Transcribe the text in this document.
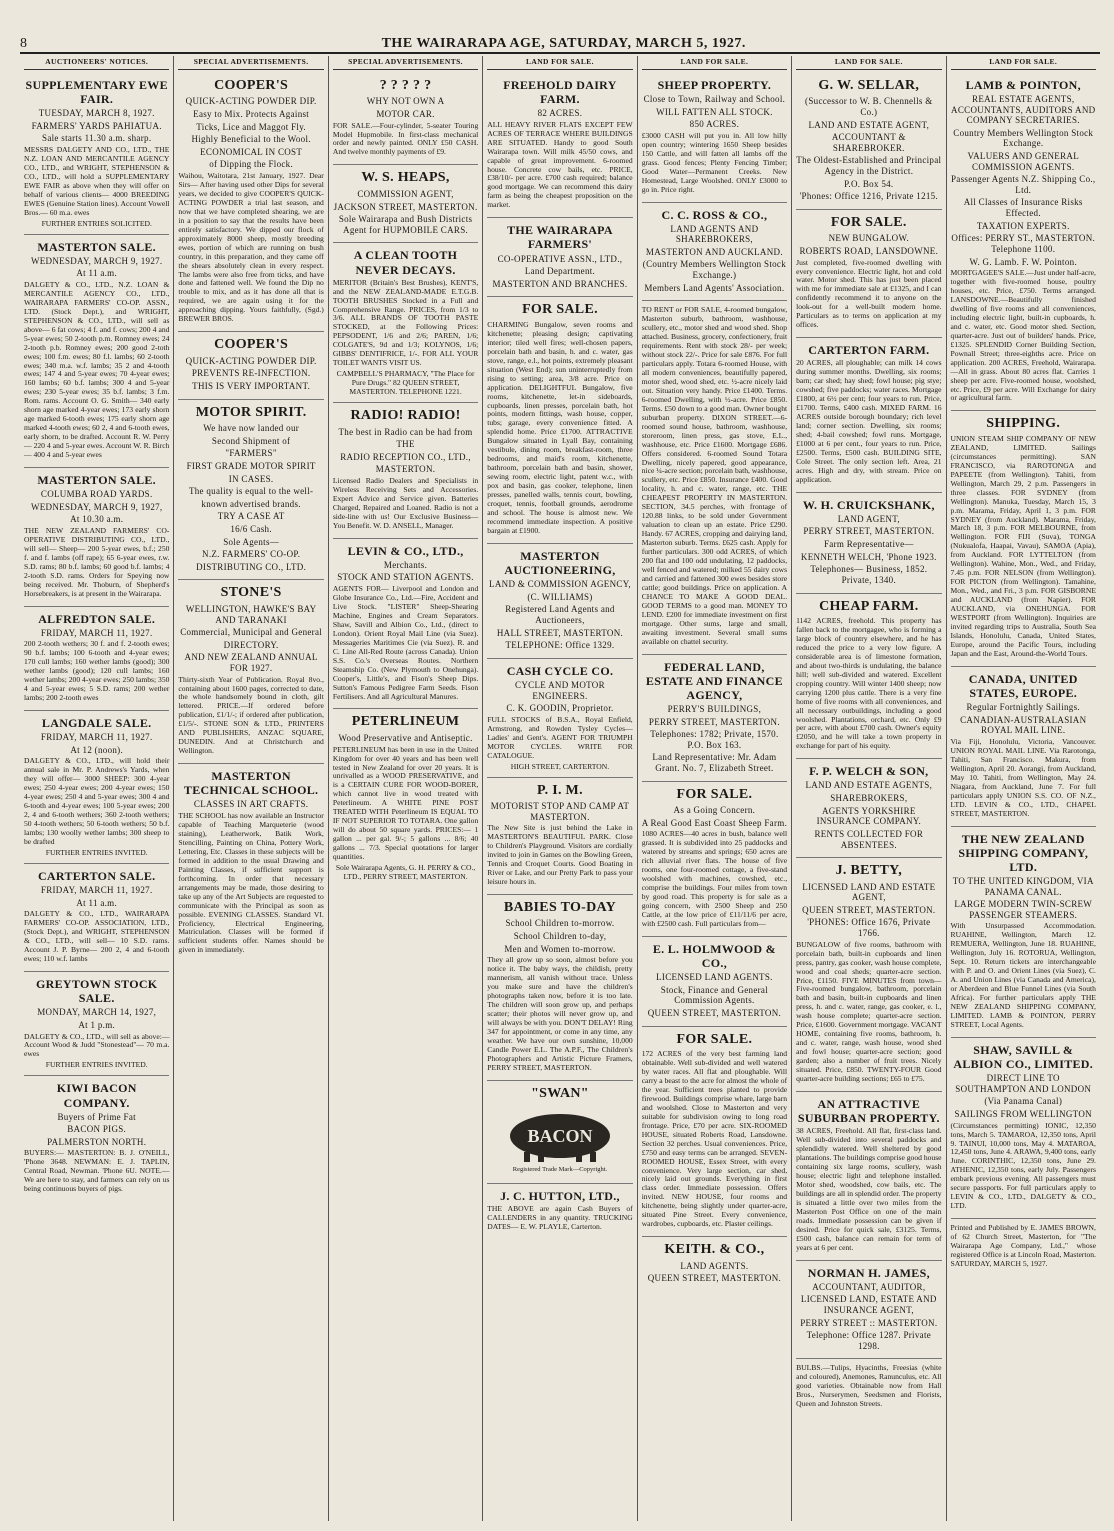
8	THE WAIRARAPA AGE, SATURDAY, MARCH 5, 1927.
AUCTIONEERS' NOTICES.
SUPPLEMENTARY EWE FAIR.
TUESDAY, MARCH 8, 1927.
FARMERS' YARDS PAHIATUA.
Sale starts 11.30 a.m. sharp.
MESSRS DALGETY AND CO., LTD., THE N.Z. LOAN AND MERCANTILE AGENCY CO., LTD., and WRIGHT, STEPHENSON & CO., LTD., will hold a SUPPLEMENTARY EWE FAIR as above when they will offer on behalf of various clients— 4000 BREEDING EWES (Genuine Station lines). Account Vowell Bros.— 60 m.a. ewes
FURTHER ENTRIES SOLICITED.
MASTERTON SALE.
WEDNESDAY, MARCH 9, 1927.
At 11 a.m.
DALGETY & CO., LTD., N.Z. LOAN & MERCANTILE AGENCY CO., LTD., WAIRARAPA FARMERS' CO-OP. ASSN., LTD. (Stock Dept.), and WRIGHT, STEPHENSON & CO., LTD., will sell as above— 6 fat cows; 4 f. and f. cows; 200 4 and 5-year ewes; 50 2-tooth p.m. Romney ewes; 24 2-tooth p.b. Romney ewes; 200 good 2-toth ewes; 100 f.m. ewes; 80 f.l. lambs; 60 2-tooth ewes; 340 m.a. w.f. lambs; 35 2 and 4-tooth ewes; 147 4 and 5-year ewes; 70 4-year ewes; 160 lambs; 60 b.f. lambs; 300 4 and 5-year ewes; 230 5-year ewes; 35 b.f. lambs; 3 f.m. Rom. rams. Account O. G. Smith— 340 early shorn age marked 4-year ewes; 173 early shorn age marked 6-tooth ewes; 175 early shorn age marked 4-tooth ewes; 60 2, 4 and 6-tooth ewes, early shorn, to be drafted. Account R. W. Perry— 220 4 and 5-year ewes. Account W. R. Birch— 400 4 and 5-year ewes
MASTERTON SALE.
COLUMBA ROAD YARDS.
WEDNESDAY, MARCH 9, 1927,
At 10.30 a.m.
THE NEW ZEALAND FARMERS' CO-OPERATIVE DISTRIBUTING CO., LTD., will sell— Sheep— 200 5-year ewes, b.f.; 250 f. and f. lambs (off rape); 65 6-year ewes, r.w. S.D. rams; 80 b.f. lambs; 60 good b.f. lambs; 4 2-tooth S.D. rams. Orders for Speying now being received. Mr. Thoburn, of Shepherd's Horsebreakers, is at present in the Wairarapa.
ALFREDTON SALE.
FRIDAY, MARCH 11, 1927.
200 2-tooth wethers; 30 f. and f. 2-tooth ewes; 90 b.f. lambs; 100 6-tooth and 4-year ewes; 170 cull lambs; 160 wether lambs (good); 300 wether lambs (good); 120 cull lambs; 160 wether lambs; 200 4-year ewes; 250 lambs; 350 4 and 5-year ewes; 5 S.D. rams; 200 wether lambs; 200 2-tooth ewes
LANGDALE SALE.
FRIDAY, MARCH 11, 1927.
At 12 (noon).
DALGETY & CO., LTD., will hold their annual sale in Mr. P. Andrews's Yards, when they will offer— 3000 SHEEP: 300 4-year ewes; 250 4-year ewes; 200 4-year ewes; 150 4-year ewes; 250 4 and 5-year ewes; 300 4 and 6-tooth and 4-year ewes; 100 5-year ewes; 200 2, 4 and 6-tooth wethers; 360 2-tooth wethers; 50 4-tooth wethers; 50 6-tooth wethers; 50 b.f. lambs; 130 woolly wether lambs; 300 sheep to be drafted
FURTHER ENTRIES INVITED.
CARTERTON SALE.
FRIDAY, MARCH 11, 1927.
At 11 a.m.
DALGETY & CO., LTD., WAIRARAPA FARMERS' CO-OP. ASSOCIATION, LTD., (Stock Dept.), and WRIGHT, STEPHENSON & CO., LTD., will sell— 10 S.D. rams. Account J. P. Byrne— 200 2, 4 and 6-tooth ewes; 110 w.f. lambs
GREYTOWN STOCK SALE.
MONDAY, MARCH 14, 1927,
At 1 p.m.
DALGETY & CO., LTD., will sell as above:— Account Wood & Judd "Stonestead"— 70 m.a. ewes
FURTHER ENTRIES INVITED.
KIWI BACON COMPANY.
Buyers of Prime Fat
BACON PIGS.
PALMERSTON NORTH.
BUYERS:— MASTERTON: B. J. O'NEILL, 'Phone 3648. NEWMAN: E. J. TAPLIN, Central Road, Newman. 'Phone 6U. NOTE.—We are here to stay, and farmers can rely on us being continuous buyers of pigs.
SPECIAL ADVERTISEMENTS.
COOPER'S
QUICK-ACTING POWDER DIP.
Easy to Mix. Protects Against
Ticks, Lice and Maggot Fly.
Highly Beneficial to the Wool.
ECONOMICAL IN COST
of Dipping the Flock.
Waihou, Waitotara, 21st January, 1927. Dear Sirs— After having used other Dips for several years, we decided to give COOPER'S QUICK-ACTING POWDER a trial last season, and now that we have completed shearing, we are in a position to say that the results have been entirely satisfactory. We dipped our flock of approximately 8000 sheep, mostly breeding ewes, portion of which are running on bush country, in this preparation, and they came off the shears absolutely clean in every respect. The lambs were also free from ticks, and have done and fattened well. We found the Dip no trouble to mix, and as it has done all that is required, we are again using it for the approaching dipping. Yours faithfully, (Sgd.) BREWER BROS.
COOPER'S
QUICK-ACTING POWDER DIP.
PREVENTS RE-INFECTION.
THIS IS VERY IMPORTANT.
MOTOR SPIRIT.
We have now landed our
Second Shipment of
"FARMERS"
FIRST GRADE MOTOR SPIRIT
IN CASES.
The quality is equal to the well-
known advertised brands.
TRY A CASE AT
16/6 Cash.
Sole Agents—
N.Z. FARMERS' CO-OP.
DISTRIBUTING CO., LTD.
STONE'S
WELLINGTON, HAWKE'S BAY AND TARANAKI
Commercial, Municipal and General
DIRECTORY.
AND NEW ZEALAND ANNUAL FOR 1927.
Thirty-sixth Year of Publication. Royal 8vo., containing about 1600 pages, corrected to date, the whole handsomely bound in cloth, gilt lettered. PRICE.—If ordered before publication, £1/1/-; if ordered after publication, £1/5/-. STONE SON & LTD., PRINTERS AND PUBLISHERS, ANZAC SQUARE, DUNEDIN. And at Christchurch and Wellington.
MASTERTON TECHNICAL SCHOOL.
CLASSES IN ART CRAFTS.
THE SCHOOL has now available an Instructor capable of Teaching Marqueterie (wood staining), Leatherwork, Batik Work, Stencilling, Painting on China, Pottery Work, Lettering, Etc. Classes in these subjects will be formed in addition to the usual Drawing and Painting Classes, if sufficient support is forthcoming. In order that necessary arrangements may be made, those desiring to take up any of the Art Subjects are requested to communicate with the Principal as soon as possible. EVENING CLASSES. Standard VI. Proficiency, Electrical Engineering, Matriculation. Classes will be formed if sufficient students offer. Names should be given in immediately.
SPECIAL ADVERTISEMENTS.
? ? ? ? ?
WHY NOT OWN A
MOTOR CAR.
FOR SALE.—Four-cylinder, 5-seater Touring Model Hupmobile. In first-class mechanical order and newly painted. ONLY £50 CASH. And twelve monthly payments of £9.
W. S. HEAPS,
COMMISSION AGENT,
JACKSON STREET, MASTERTON.
Sole Wairarapa and Bush Districts Agent for HUPMOBILE CARS.
A CLEAN TOOTH NEVER DECAYS.
MERITOR (Britain's Best Brushes), KENT'S, and the NEW ZEALAND-MADE E.T.G.B. TOOTH BRUSHES Stocked in a Full and Comprehensive Range. PRICES, from 1/3 to 3/6. ALL BRANDS OF TOOTH PASTE STOCKED, at the Following Prices: PEPSODENT, 1/6 and 2/6; PAREN, 1/6; COLGATE'S, 9d and 1/3; KOLYNOS, 1/6; GIBBS' DENTIFRICE, 1/-. FOR ALL YOUR TOILET WANTS VISIT US.
CAMPBELL'S PHARMACY, "The Place for Pure Drugs." 82 QUEEN STREET, MASTERTON. TELEPHONE 1221.
RADIO! RADIO!
The best in Radio can be had from
THE
RADIO RECEPTION CO., LTD.,
MASTERTON.
Licensed Radio Dealers and Specialists in Wireless Receiving Sets and Accessories. Expert Advice and Service given. Batteries Charged, Repaired and Loaned. Radio is not a side-line with us! Our Exclusive Business— You Benefit. W. D. ANSELL, Manager.
LEVIN & CO., LTD.,
Merchants.
STOCK AND STATION AGENTS.
AGENTS FOR— Liverpool and London and Globe Insurance Co., Ltd.—Fire, Accident and Live Stock. "LISTER" Sheep-Shearing Machine, Engines and Cream Separators. Shaw, Savill and Albion Co., Ltd., (direct to London). Orient Royal Mail Line (via Suez). Messageries Maritimes Cie (via Suez). R. and C. Line All-Red Route (across Canada). Union S.S. Co.'s Overseas Routes. Northern Steamship Co. (New Plymouth to Onehunga). Cooper's, Little's, and Fison's Sheep Dips. Sutton's Famous Pedigree Farm Seeds. Fison Fertilisers. And all Agricultural Manures.
PETERLINEUM
Wood Preservative and Antiseptic.
PETERLINEUM has been in use in the United Kingdom for over 40 years and has been well tested in New Zealand for over 20 years. It is unrivalled as a WOOD PRESERVATIVE, and is a CERTAIN CURE FOR WOOD-BORER, which cannot live in wood treated with Peterlineum. A WHITE PINE POST TREATED WITH Peterlineum IS EQUAL TO IF NOT SUPERIOR TO TOTARA. One gallon will do about 50 square yards. PRICES:— 1 gallon ... per gal. 9/-; 5 gallons ... 8/6; 40 gallons ... 7/3. Special quotations for larger quantities.
Sole Wairarapa Agents, G. H. PERRY & CO., LTD., PERRY STREET, MASTERTON.
LAND FOR SALE.
FREEHOLD DAIRY FARM.
82 ACRES.
ALL HEAVY RIVER FLATS EXCEPT FEW ACRES OF TERRACE WHERE BUILDINGS ARE SITUATED. Handy to good South Wairarapa town. Will milk 45/50 cows, and capable of great improvement. 6-roomed house. Concrete cow bails, etc. PRICE, £38/10/- per acre. £700 cash required; balance good mortgage. We can recommend this dairy farm as being the cheapest proposition on the market.
THE WAIRARAPA FARMERS'
CO-OPERATIVE ASSN., LTD.,
Land Department.
MASTERTON AND BRANCHES.
FOR SALE.
CHARMING Bungalow, seven rooms and kitchenette; pleasing design; captivating interior; tiled well fires; well-chosen papers, porcelain bath and basin, h. and c. water, gas stove, range, e.l., hot points, extremely pleasant situation (West End); sun uninterruptedly from rising to setting; area, 3/8 acre. Price on application. DELIGHTFUL Bungalow, five rooms, kitchenette, let-in sideboards, cupboards, linen presses, porcelain bath, hot points, modern fittings, wash house, copper, tubs; garage, every convenience fitted. A splendid home. Price £1700. ATTRACTIVE Bungalow situated in Lyall Bay, containing vestibule, dining room, breakfast-room, three bedrooms, and maid's room, kitchenette, bathroom, porcelain bath and basin, shower, sewing room, electric light, patent w.c., with pox and basin, gas cooker, telephone, linen presses, panelled walls, tennis court, bowling, croquet, tennis, football grounds, aerodrome and school. The house is almost new. We recommend immediate inspection. A positive bargain at £1900.
MASTERTON AUCTIONEERING,
LAND & COMMISSION AGENCY,
(C. WILLIAMS)
Registered Land Agents and Auctioneers,
HALL STREET, MASTERTON.
TELEPHONE: Office 1329.
CASH CYCLE CO.
CYCLE AND MOTOR ENGINEERS.
C. K. GOODIN, Proprietor.
FULL STOCKS of B.S.A., Royal Enfield, Armstrong, and Rowden Tysley Cycles—Ladies' and Gent's. AGENT FOR TRIUMPH MOTOR CYCLES. WRITE FOR CATALOGUE.
HIGH STREET, CARTERTON.
P. I. M.
MOTORIST STOP AND CAMP AT MASTERTON.
The New Site is just behind the Lake in MASTERTON'S BEAUTIFUL PARK. Close to Children's Playground. Visitors are cordially invited to join in Games on the Bowling Green, Tennis and Croquet Courts. Good Boating in River or Lake, and our Pretty Park to pass your leisure hours in.
BABIES TO-DAY
School Children to-morrow.
School Children to-day,
Men and Women to-morrow.
They all grow up so soon, almost before you notice it. The baby ways, the childish, pretty mannerism, all vanish without trace. Unless you make sure and have the children's photographs taken now, before it is too late. The children will soon grow up, and perhaps scatter; their photos will never grow up, and will always be with you. DON'T DELAY! Ring 347 for appointment, or come in any time, any weather. We have our own sunshine, 10,000 Candle Power E.L. The A.P.F., The Children's Photographers and Artistic Picture Framers, PERRY STREET, MASTERTON.
"SWAN"
BACON
Registered Trade Mark—Copyright.
J. C. HUTTON, LTD.,
THE ABOVE are again Cash Buyers of CALLENDERS in any quantity. TRUCKING DATES— E. W. PLAYLE, Carterton.
LAND FOR SALE.
SHEEP PROPERTY.
Close to Town, Railway and School.
WILL FATTEN ALL STOCK.
850 ACRES.
£3000 CASH will put you in. All low hilly open country; wintering 1650 Sheep besides 150 Cattle, and will fatten all lambs off the grass. Good fences; Plenty Fencing Timber; Good Water—Permanent Creeks. New Homestead, Large Woolshed. ONLY £3000 to go in. Price right.
C. C. ROSS & CO.,
LAND AGENTS AND SHAREBROKERS,
MASTERTON AND AUCKLAND.
(Country Members Wellington Stock Exchange.)
Members Land Agents' Association.
TO RENT or FOR SALE, 4-roomed bungalow, Masterton suburb, bathroom, washhouse, scullery, etc., motor shed and wood shed. Shop attached. Business, grocery, confectionery, fruit requirements. Rent with stock 28/- per week; without stock 22/-. Price for sale £876. For full particulars apply. Totara 6-roomed House, with all modern conveniences, beautifully papered, motor shed, wood shed, etc. ½-acre nicely laid out. Situation very handy. Price £1400. Terms. 6-roomed Dwelling, with ½-acre. Price £850. Terms. £50 down to a good man. Owner bought suburban property. DIXON STREET.—6-roomed sound house, bathroom, washhouse, storeroom, linen press, gas stove, E.L., washhouse, etc. Price £1600. Mortgage £686. Offers considered. 6-roomed Sound Totara Dwelling, nicely papered, good appearance, nice ¼-acre section; porcelain bath, washhouse, scullery, etc. Price £850. Insurance £400. Good locality, h. and c. water, range, etc. THE CHEAPEST PROPERTY IN MASTERTON. SECTION, 34.5 perches, with frontage of 120.88 links, to be sold under Government valuation to clean up an estate. Price £290. Handy. 67 ACRES, cropping and dairying land, Masterton suburb. Terms. £625 cash. Apply for further particulars. 300 odd ACRES, of which 200 flat and 100 odd undulating, 12 paddocks, well fenced and watered; milked 55 dairy cows and carried and fattened 300 ewes besides store cattle; good buildings. Price on application. A CHANCE TO MAKE A GOOD DEAL. GOOD TERMS to a good man. MONEY TO LEND. £200 for immediate investment on first mortgage. Other sums, large and small, awaiting investment. Several small sums available on chattel security.
FEDERAL LAND, ESTATE AND FINANCE AGENCY,
PERRY'S BUILDINGS,
PERRY STREET, MASTERTON.
Telephones: 1782; Private, 1570. P.O. Box 163.
Land Representative: Mr. Adam Grant. No. 7, Elizabeth Street.
FOR SALE.
As a Going Concern.
A Real Good East Coast Sheep Farm.
1080 ACRES—40 acres in bush, balance well grassed. It is subdivided into 25 paddocks and watered by streams and springs; 650 acres are rich alluvial river flats. The house of five rooms, one four-roomed cottage, a five-stand woolshed with machines, cowshed, etc., comprise the buildings. Four miles from town by good road. This property is for sale as a going concern, with 2500 Sheep and 250 Cattle, at the low price of £11/11/6 per acre, with £2500 cash. Full particulars from—
E. L. HOLMWOOD & CO.,
LICENSED LAND AGENTS.
Stock, Finance and General Commission Agents.
QUEEN STREET, MASTERTON.
FOR SALE.
172 ACRES of the very best farming land obtainable. Well sub-divided and well watered by water races. All flat and ploughable. Will carry a beast to the acre for almost the whole of the year. Sufficient trees planted to provide firewood. Buildings comprise whare, large barn and woolshed. Close to Masterton and very suitable for subdivision owing to long road frontage. Price, £70 per acre. SIX-ROOMED HOUSE, situated Roberts Road, Lansdowne. Section 32 perches. Usual conveniences. Price, £750 and easy terms can be arranged. SEVEN-ROOMED HOUSE, Essex Street, with every convenience. Very large section, car shed, nicely laid out grounds. Everything in first class order. Immediate possession. Offers invited. NEW HOUSE, four rooms and kitchenette, being slightly under quarter-acre, situated Pine Street. Every convenience, wardrobes, cupboards, etc. Plaster ceilings.
KEITH. & CO.,
LAND AGENTS.
QUEEN STREET, MASTERTON.
LAND FOR SALE.
G. W. SELLAR,
(Successor to W. B. Chennells & Co.)
LAND AND ESTATE AGENT,
ACCOUNTANT & SHAREBROKER.
The Oldest-Established and Principal Agency in the District.
P.O. Box 54.
'Phones: Office 1216, Private 1215.
FOR SALE.
NEW BUNGALOW.
ROBERTS ROAD, LANSDOWNE.
Just completed, five-roomed dwelling with every convenience. Electric light, hot and cold water. Motor shed. This has just been placed with me for immediate sale at £1325, and I can confidently recommend it to anyone on the look-out for a well-built modern home. Particulars as to terms on application at my offices.
CARTERTON FARM.
20 ACRES, all ploughable; can milk 14 cows during summer months. Dwelling, six rooms; barn; car shed; hay shed; fowl house; pig stye; cowshed; five paddocks; water races. Mortgage £1800, at 6½ per cent; four years to run. Price, £1700. Terms, £400 cash. MIXED FARM. 16 ACRES outside borough boundary; rich level land; corner section. Dwelling, six rooms; shed; 4-bail cowshed; fowl runs. Mortgage, £1000 at 6 per cent., four years to run. Price, £2500. Terms, £500 cash. BUILDING SITE, Cole Street. The only section left. Area, 21 acres. High and dry, with stream. Price on application.
W. H. CRUICKSHANK,
LAND AGENT,
PERRY STREET, MASTERTON.
Farm Representative—
KENNETH WELCH, 'Phone 1923.
Telephones— Business, 1852. Private, 1340.
CHEAP FARM.
1142 ACRES, freehold. This property has fallen back to the mortgagee, who is forming a large block of country elsewhere, and he has reduced the price to a very low figure. A considerable area is of limestone formation, and about two-thirds is undulating, the balance hill; well sub-divided and watered. Excellent cropping country. Will winter 1400 sheep; now carrying 1200 plus cattle. There is a very fine home of five rooms with all conveniences, and all necessary outbuildings, including a good woolshed. Plantations, orchard, etc. Only £9 per acre, with about £700 cash. Owner's equity £2050, and he will take a town property in exchange for part of his equity.
F. P. WELCH & SON,
LAND AND ESTATE AGENTS,
SHAREBROKERS,
AGENTS YORKSHIRE INSURANCE COMPANY.
RENTS COLLECTED FOR ABSENTEES.
J. BETTY,
LICENSED LAND AND ESTATE AGENT,
QUEEN STREET, MASTERTON.
'PHONES: Office 1676, Private 1766.
BUNGALOW of five rooms, bathroom with porcelain bath, built-in cupboards and linen press, pantry, gas cooker, wash house complete, wood and coal sheds; quarter-acre section. Price, £1150. FIVE MINUTES from town—Five-roomed bungalow, bathroom, porcelain bath and basin, built-in cupboards and linen press, h. and c. water, range, gas cooker, e. l., wash house complete; quarter-acre section. Price, £1600. Government mortgage. VACANT HOME, containing five rooms, bathroom, h. and c. water, range, wash house, wood shed and fowl house; quarter-acre section; good garden; also a number of fruit trees. Nicely situated. Price, £850. TWENTY-FOUR Good quarter-acre building sections; £65 to £75.
AN ATTRACTIVE SUBURBAN PROPERTY.
38 ACRES, Freehold. All flat, first-class land. Well sub-divided into several paddocks and splendidly watered. Well sheltered by good plantations. The buildings comprise good house containing six large rooms, scullery, wash house; electric light and telephone installed. Motor shed, woodshed, cow bails, etc. The buildings are all in splendid order. The property is situated a little over two miles from the Masterton Post Office on one of the main roads. Immediate possession can be given if desired. Price for quick sale, £3125. Terms, £500 cash, balance can remain for term of years at 6 per cent.
NORMAN H. JAMES,
ACCOUNTANT, AUDITOR,
LICENSED LAND, ESTATE AND INSURANCE AGENT,
PERRY STREET :: MASTERTON.
Telephone: Office 1287. Private 1298.
BULBS.—Tulips, Hyacinths, Freesias (white and coloured), Anemones, Ranunculus, etc. All good varieties. Obtainable now from Hall Bros., Nurserymen, Seedsmen and Florists, Queen and Johnston Streets.
LAND FOR SALE.
LAMB & POINTON,
REAL ESTATE AGENTS, ACCOUNTANTS, AUDITORS AND COMPANY SECRETARIES.
Country Members Wellington Stock Exchange.
VALUERS AND GENERAL COMMISSION AGENTS.
Passenger Agents N.Z. Shipping Co., Ltd.
All Classes of Insurance Risks Effected.
TAXATION EXPERTS.
Offices: PERRY ST., MASTERTON. Telephone 1100.
W. G. Lamb. F. W. Pointon.
MORTGAGEE'S SALE.—Just under half-acre, together with five-roomed house, poultry houses, etc. Price, £750. Terms arranged. LANSDOWNE.—Beautifully finished dwelling of five rooms and all conveniences, including electric light, built-in cupboards, h. and c. water, etc. Good motor shed. Section, quarter-acre. Just out of builders' hands. Price, £1325. SPLENDID Corner Building Section, Pownall Street; three-eighths acre. Price on application. 200 ACRES, Freehold, Wairarapa.—All in grass. About 80 acres flat. Carries 1 sheep per acre. Five-roomed house, woolshed, etc. Price, £9 per acre. Will Exchange for dairy or agricultural farm.
SHIPPING.
UNION STEAM SHIP COMPANY OF NEW ZEALAND, LIMITED. Sailings (circumstances permitting). SAN FRANCISCO, via RAROTONGA and PAPEETE (from Wellington). Tahiti, from Wellington, March 29, 2 p.m. Passengers in three classes. FOR SYDNEY (from Wellington). Manuka, Tuesday, March 15, 3 p.m. Marama, Friday, April 1, 3 p.m. FOR SYDNEY (from Auckland). Marama, Friday, March 18, 3 p.m. FOR MELBOURNE, from Wellington. FOR FIJI (Suva), TONGA (Nukualofa, Haapai, Vavau), SAMOA (Apia), from Auckland. FOR LYTTELTON (from Wellington). Wahine, Mon., Wed., and Friday, 7.45 p.m. FOR NELSON (from Wellington). FOR PICTON (from Wellington). Tamahine, Mon., Wed., and Fri., 3 p.m. FOR GISBORNE and AUCKLAND (from Napier). FOR AUCKLAND, via ONEHUNGA. FOR WESTPORT (from Wellington). Inquiries are invited regarding trips to Australia, South Sea Islands, Honolulu, Canada, United States, Europe, around the Pacific Tours, including Japan and the East, Around-the-World Tours.
CANADA, UNITED STATES, EUROPE.
Regular Fortnightly Sailings.
CANADIAN-AUSTRALASIAN ROYAL MAIL LINE.
Via Fiji, Honolulu, Victoria, Vancouver. UNION ROYAL MAIL LINE. Via Rarotonga, Tahiti, San Francisco. Makura, from Wellington, April 20. Aorangi, from Auckland, May 10. Tahiti, from Wellington, May 24. Niagara, from Auckland, June 7. For full particulars apply UNION S.S. CO. OF N.Z., LTD. LEVIN & CO., LTD., CHAPEL STREET, MASTERTON.
THE NEW ZEALAND SHIPPING COMPANY, LTD.
TO THE UNITED KINGDOM, VIA PANAMA CANAL.
LARGE MODERN TWIN-SCREW PASSENGER STEAMERS.
With Unsurpassed Accommodation. RUAHINE, Wellington, March 12. REMUERA, Wellington, June 18. RUAHINE, Wellington, July 16. ROTORUA, Wellington, Sept. 10. Return tickets are interchangeable with P. and O. and Orient Lines (via Suez), C. A. and Union Lines (via Canada and America), or Aberdeen and Blue Funnel Lines (via South Africa). For further particulars apply THE NEW ZEALAND SHIPPING COMPANY, LIMITED. LAMB & POINTON, PERRY STREET, Local Agents.
SHAW, SAVILL & ALBION CO., LIMITED.
DIRECT LINE TO SOUTHAMPTON AND LONDON
(Via Panama Canal)
SAILINGS FROM WELLINGTON
(Circumstances permitting) IONIC, 12,350 tons, March 5. TAMAROA, 12,350 tons, April 9. TAINUI, 10,000 tons, May 4. MATAROA, 12,450 tons, June 4. ARAWA, 9,400 tons, early June. CORINTHIC, 12,350 tons, June 29. ATHENIC, 12,350 tons, early July. Passengers embark previous evening. All passengers must secure passports. For full particulars apply to LEVIN & CO., LTD., DALGETY & CO., LTD.
Printed and Published by E. JAMES BROWN, of 62 Church Street, Masterton, for "The Wairarapa Age Company, Ltd.," whose registered Office is at Lincoln Road, Masterton. SATURDAY, MARCH 5, 1927.
